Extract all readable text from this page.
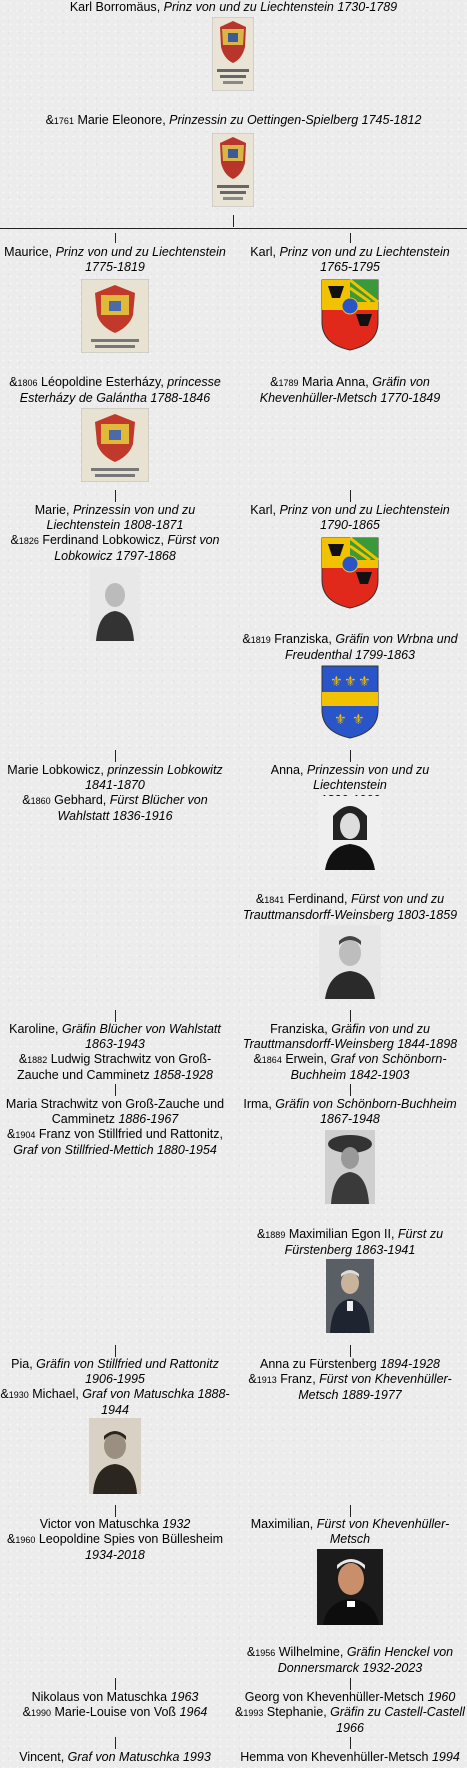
Karl Borromäus, Prinz von und zu Liechtenstein 1730-1789
&1761 Marie Eleonore, Prinzessin zu Oettingen-Spielberg 1745-1812
Maurice, Prinz von und zu Liechtenstein
1775-1819
&1806 Léopoldine Esterházy, princesse Esterházy de Galántha 1788-1846
Marie, Prinzessin von und zu Liechtenstein 1808-1871
&1826 Ferdinand Lobkowicz, Fürst von Lobkowicz 1797-1868
Marie Lobkowicz, prinzessin Lobkowitz
1841-1870
&1860 Gebhard, Fürst Blücher von Wahlstatt 1836-1916
Karoline, Gräfin Blücher von Wahlstatt
1863-1943
&1882 Ludwig Strachwitz von Groß-Zauche und Camminetz 1858-1928
Maria Strachwitz von Groß-Zauche und Camminetz 1886-1967
&1904 Franz von Stillfried und Rattonitz, Graf von Stillfried-Mettich 1880-1954
Pia, Gräfin von Stillfried und Rattonitz
1906-1995
&1930 Michael, Graf von Matuschka 1888-1944
Victor von Matuschka 1932
&1960 Leopoldine Spies von Büllesheim
1934-2018
Nikolaus von Matuschka 1963
&1990 Marie-Louise von Voß 1964
Vincent, Graf von Matuschka 1993
Karl, Prinz von und zu Liechtenstein
1765-1795
&1789 Maria Anna, Gräfin von Khevenhüller-Metsch 1770-1849
Karl, Prinz von und zu Liechtenstein
1790-1865
&1819 Franziska, Gräfin von Wrbna und Freudenthal 1799-1863
⚜ ⚜ ⚜
⚜ ⚜
Anna, Prinzessin von und zu Liechtenstein

&1841 Ferdinand, Fürst von und zu Trauttmansdorff-Weinsberg 1803-1859
Franziska, Gräfin von und zu Trauttmansdorff-Weinsberg 1844-1898
&1864 Erwein, Graf von Schönborn-Buchheim 1842-1903
Irma, Gräfin von Schönborn-Buchheim
1867-1948
&1889 Maximilian Egon II, Fürst zu Fürstenberg 1863-1941
Anna zu Fürstenberg 1894-1928
&1913 Franz, Fürst von Khevenhüller-Metsch 1889-1977
Maximilian, Fürst von Khevenhüller-Metsch

&1956 Wilhelmine, Gräfin Henckel von Donnersmarck 1932-2023
Georg von Khevenhüller-Metsch 1960
&1993 Stephanie, Gräfin zu Castell-Castell 1966
Hemma von Khevenhüller-Metsch 1994
